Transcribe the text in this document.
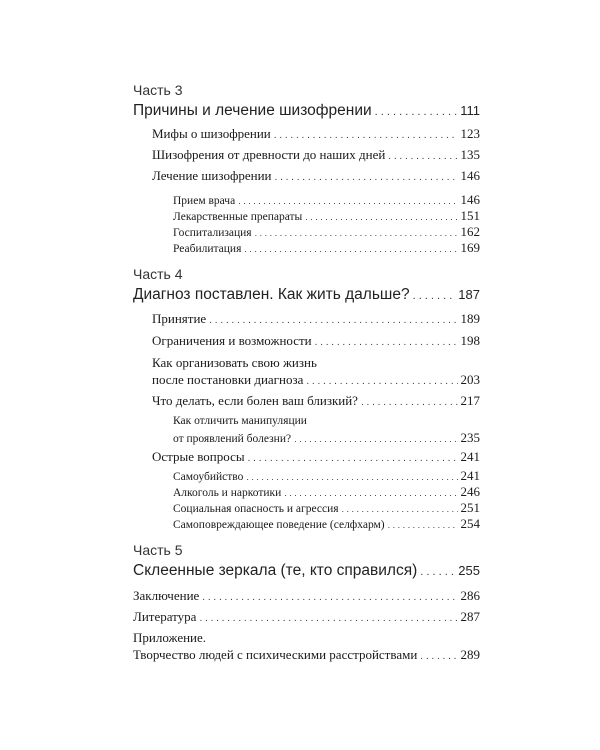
Часть 3
Причины и лечение шизофрении . . .	111
Мифы о шизофрении . . .	123
Шизофрения от древности до наших дней . . .	135
Лечение шизофрении . . .	146
Прием врача . . .	146
Лекарственные препараты . . .	151
Госпитализация . . .	162
Реабилитация . . .	169
Часть 4
Диагноз поставлен. Как жить дальше? . . .	187
Принятие . . .	189
Ограничения и возможности . . .	198
Как организовать свою жизнь
после постановки диагноза . . .	203
Что делать, если болен ваш близкий? . . .	217
Как отличить манипуляции
от проявлений болезни? . . .	235
Острые вопросы . . .	241
Самоубийство . . .	241
Алкоголь и наркотики . . .	246
Социальная опасность и агрессия . . .	251
Самоповреждающее поведение (селфхарм) . . .	254
Часть 5
Склеенные зеркала (те, кто справился) . . .	255
Заключение . . .	286
Литература . . .	287
Приложение.
Творчество людей с психическими расстройствами . . .	289
